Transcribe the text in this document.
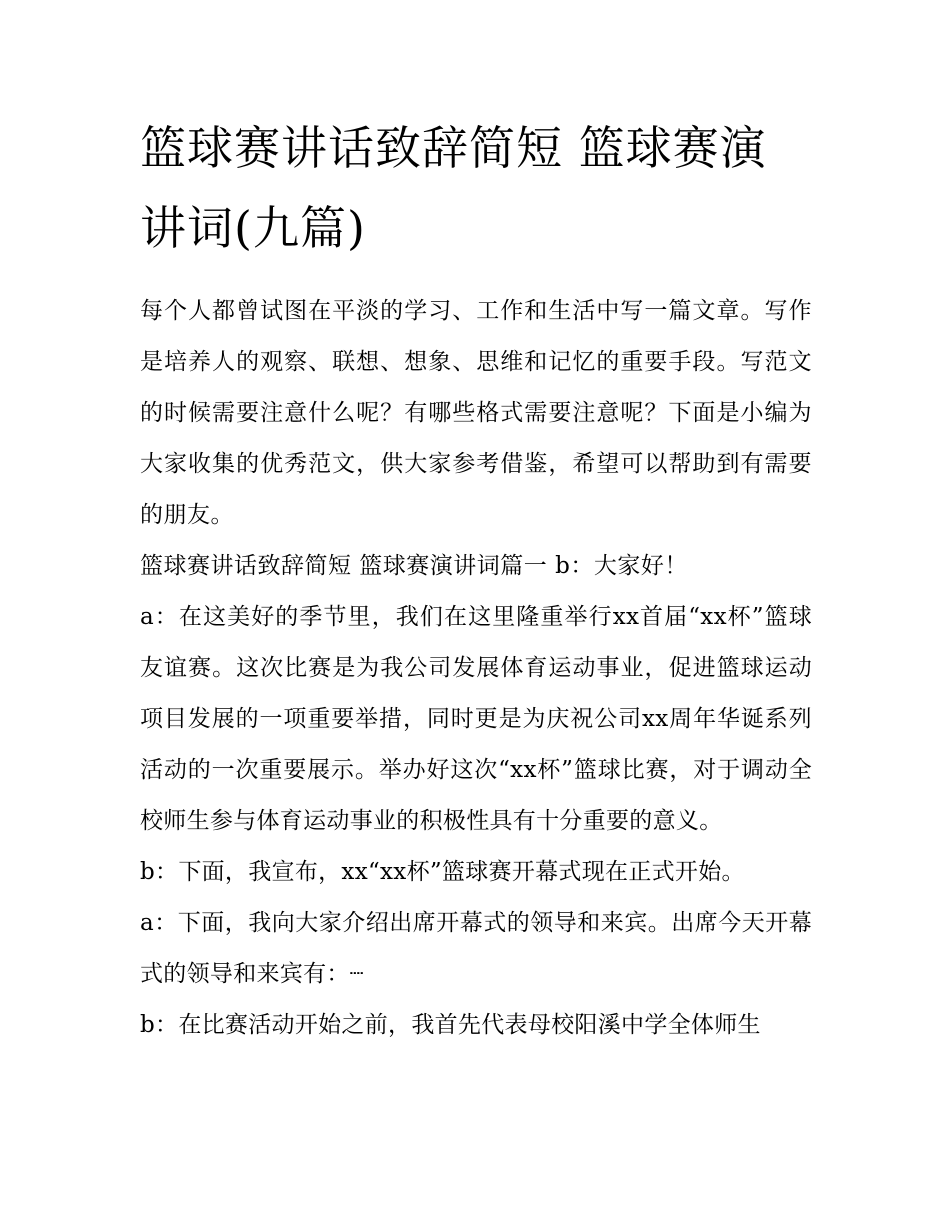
篮球赛讲话致辞简短 篮球赛演讲词(九篇)

每个人都曾试图在平淡的学习、工作和生活中写一篇文章。写作是培养人的观察、联想、想象、思维和记忆的重要手段。写范文的时候需要注意什么呢？有哪些格式需要注意呢？下面是小编为大家收集的优秀范文，供大家参考借鉴，希望可以帮助到有需要的朋友。

篮球赛讲话致辞简短 篮球赛演讲词篇一 b：大家好！

a：在这美好的季节里，我们在这里隆重举行xx首届“xx杯”篮球友谊赛。这次比赛是为我公司发展体育运动事业，促进篮球运动项目发展的一项重要举措，同时更是为庆祝公司xx周年华诞系列活动的一次重要展示。举办好这次“xx杯”篮球比赛，对于调动全校师生参与体育运动事业的积极性具有十分重要的意义。

b：下面，我宣布，xx“xx杯”篮球赛开幕式现在正式开始。

a：下面，我向大家介绍出席开幕式的领导和来宾。出席今天开幕式的领导和来宾有：┈

b：在比赛活动开始之前，我首先代表母校阳溪中学全体师生
